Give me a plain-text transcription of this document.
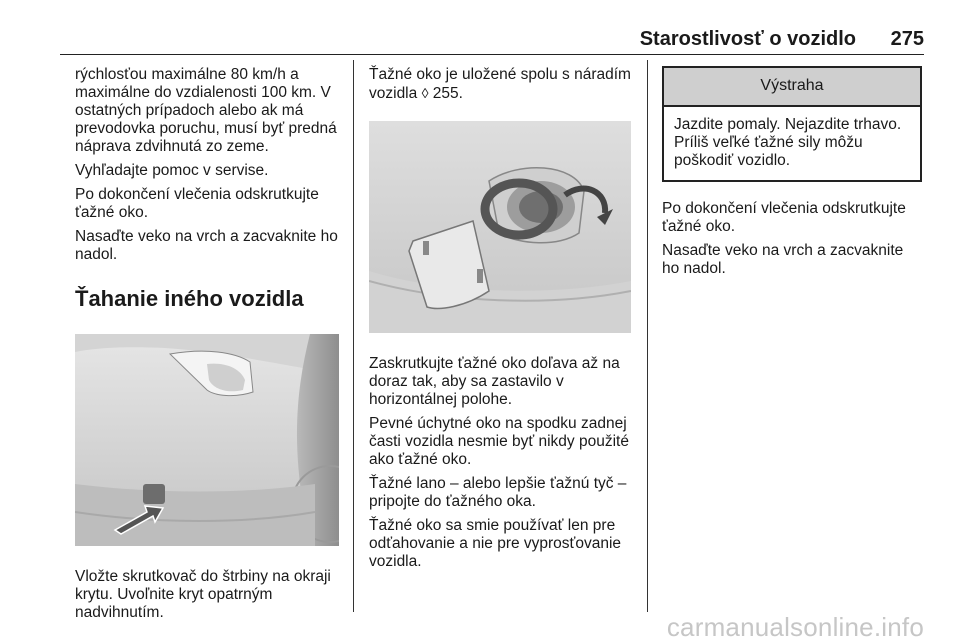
Starostlivosť o vozidlo 275

rýchlosťou maximálne 80 km/h a maximálne do vzdialenosti 100 km. V ostatných prípadoch alebo ak má prevodovka poruchu, musí byť predná náprava zdvihnutá zo zeme.

Vyhľadajte pomoc v servise.

Po dokončení vlečenia odskrutkujte ťažné oko.

Nasaďte veko na vrch a zacvaknite ho nadol.

Ťahanie iného vozidla

Vložte skrutkovač do štrbiny na okraji krytu. Uvoľnite kryt opatrným nadvihnutím.

Ťažné oko je uložené spolu s náradím vozidla ◊ 255.

Zaskrutkujte ťažné oko doľava až na doraz tak, aby sa zastavilo v horizontálnej polohe.

Pevné úchytné oko na spodku zadnej časti vozidla nesmie byť nikdy použité ako ťažné oko.

Ťažné lano – alebo lepšie ťažnú tyč – pripojte do ťažného oka.

Ťažné oko sa smie používať len pre odťahovanie a nie pre vyprosťovanie vozidla.

Výstraha
Jazdite pomaly. Nejazdite trhavo. Príliš veľké ťažné sily môžu poškodiť vozidlo.

Po dokončení vlečenia odskrutkujte ťažné oko.

Nasaďte veko na vrch a zacvaknite ho nadol.

carmanualsonline.info
